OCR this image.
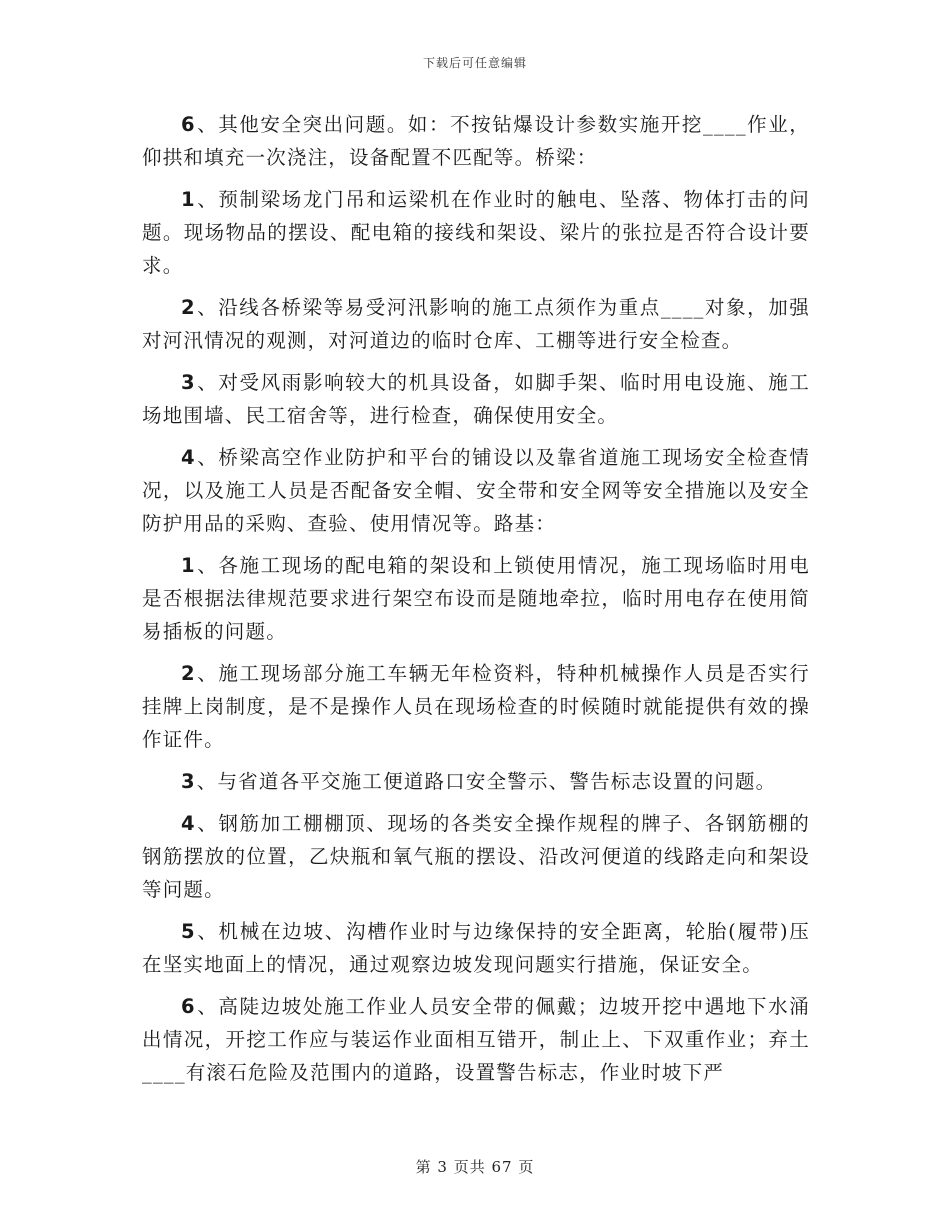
下载后可任意编辑

6、其他安全突出问题。如：不按钻爆设计参数实施开挖____作业，仰拱和填充一次浇注，设备配置不匹配等。桥梁：

1、预制梁场龙门吊和运梁机在作业时的触电、坠落、物体打击的问题。现场物品的摆设、配电箱的接线和架设、梁片的张拉是否符合设计要求。

2、沿线各桥梁等易受河汛影响的施工点须作为重点____对象，加强对河汛情况的观测，对河道边的临时仓库、工棚等进行安全检查。

3、对受风雨影响较大的机具设备，如脚手架、临时用电设施、施工场地围墙、民工宿舍等，进行检查，确保使用安全。

4、桥梁高空作业防护和平台的铺设以及靠省道施工现场安全检查情况，以及施工人员是否配备安全帽、安全带和安全网等安全措施以及安全防护用品的采购、查验、使用情况等。路基：

1、各施工现场的配电箱的架设和上锁使用情况，施工现场临时用电是否根据法律规范要求进行架空布设而是随地牵拉，临时用电存在使用简易插板的问题。

2、施工现场部分施工车辆无年检资料，特种机械操作人员是否实行挂牌上岗制度，是不是操作人员在现场检查的时候随时就能提供有效的操作证件。

3、与省道各平交施工便道路口安全警示、警告标志设置的问题。

4、钢筋加工棚棚顶、现场的各类安全操作规程的牌子、各钢筋棚的钢筋摆放的位置，乙炔瓶和氧气瓶的摆设、沿改河便道的线路走向和架设等问题。

5、机械在边坡、沟槽作业时与边缘保持的安全距离，轮胎(履带)压在坚实地面上的情况，通过观察边坡发现问题实行措施，保证安全。

6、高陡边坡处施工作业人员安全带的佩戴；边坡开挖中遇地下水涌出情况，开挖工作应与装运作业面相互错开，制止上、下双重作业；弃土____有滚石危险及范围内的道路，设置警告标志，作业时坡下严

第 3 页共 67 页
